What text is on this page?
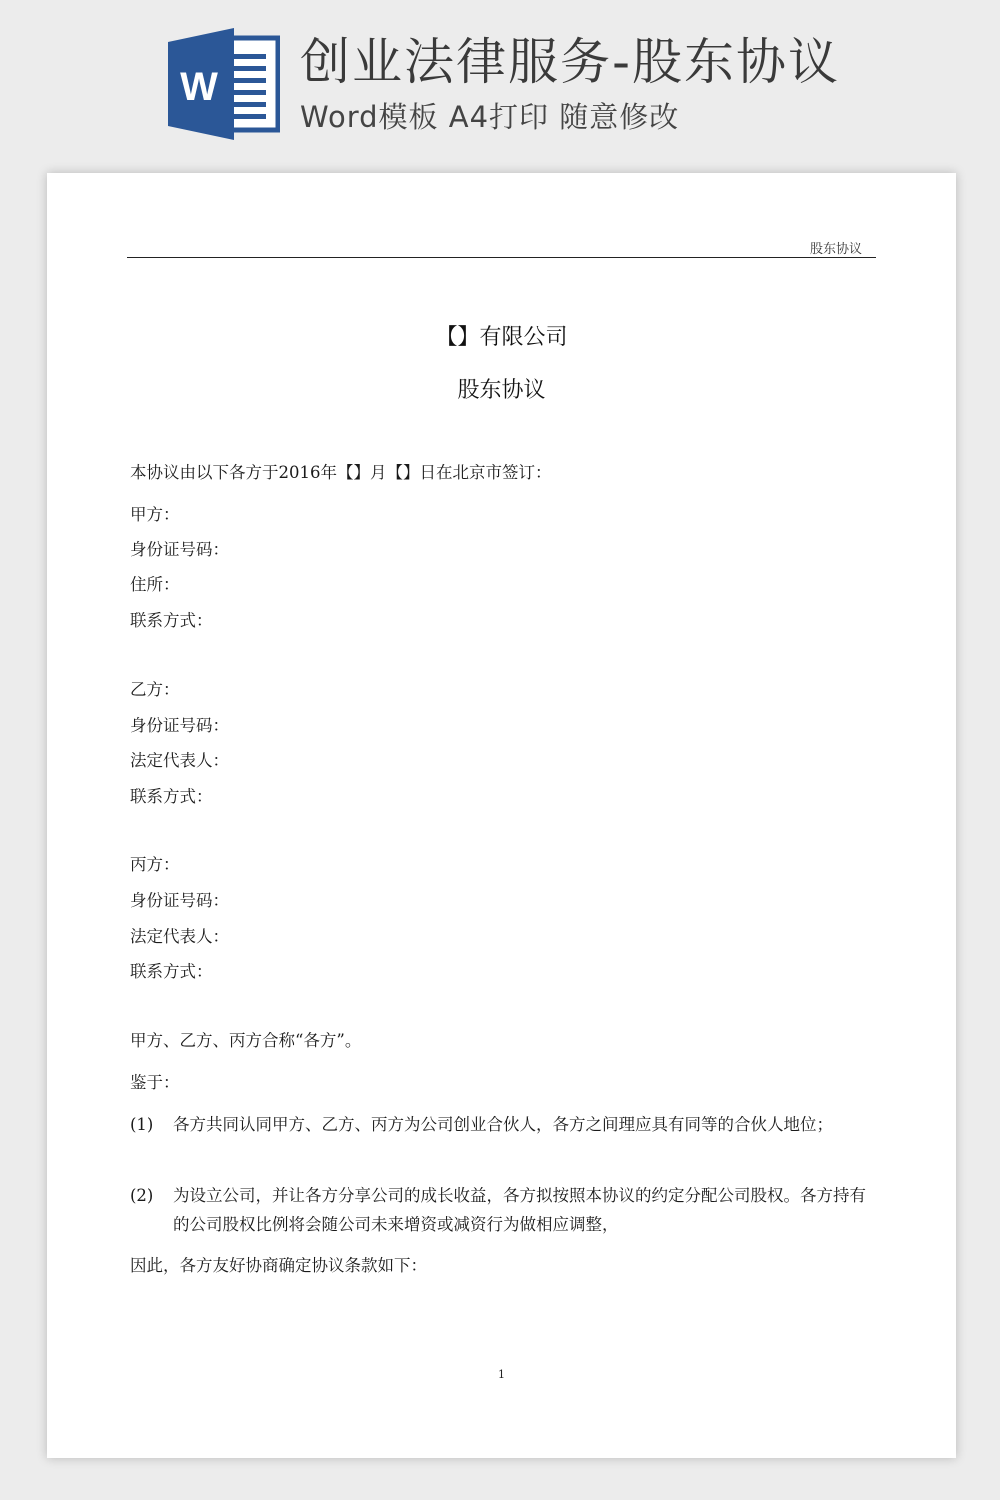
W 创业法律服务-股东协议
Word模板 A4打印 随意修改
股东协议
【】有限公司
股东协议
本协议由以下各方于2016年【】月【】日在北京市签订：
甲方：
身份证号码：
住所：
联系方式：
乙方：
身份证号码：
法定代表人：
联系方式：
丙方：
身份证号码：
法定代表人：
联系方式：
甲方、乙方、丙方合称“各方”。
鉴于：
(1)	各方共同认同甲方、乙方、丙方为公司创业合伙人，各方之间理应具有同等的合伙人地位；
(2)	为设立公司，并让各方分享公司的成长收益，各方拟按照本协议的约定分配公司股权。各方持有的公司股权比例将会随公司未来增资或减资行为做相应调整，
因此，各方友好协商确定协议条款如下：
1
